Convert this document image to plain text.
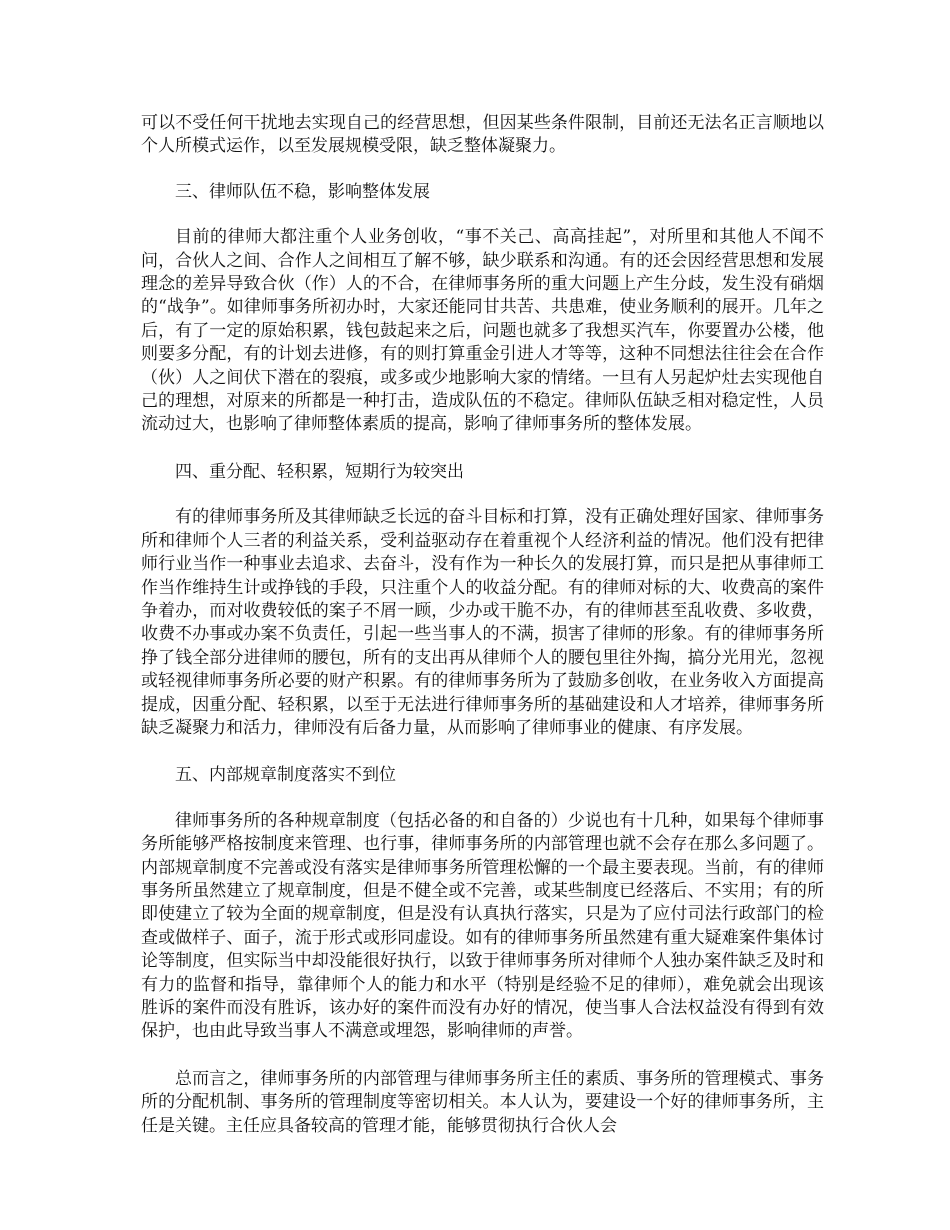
可以不受任何干扰地去实现自己的经营思想，但因某些条件限制，目前还无法名正言顺地以个人所模式运作，以至发展规模受限，缺乏整体凝聚力。

三、律师队伍不稳，影响整体发展

目前的律师大都注重个人业务创收，“事不关己、高高挂起”，对所里和其他人不闻不问，合伙人之间、合作人之间相互了解不够，缺少联系和沟通。有的还会因经营思想和发展理念的差异导致合伙（作）人的不合，在律师事务所的重大问题上产生分歧，发生没有硝烟的“战争”。如律师事务所初办时，大家还能同甘共苦、共患难，使业务顺利的展开。几年之后，有了一定的原始积累，钱包鼓起来之后，问题也就多了我想买汽车，你要置办公楼，他则要多分配，有的计划去进修，有的则打算重金引进人才等等，这种不同想法往往会在合作（伙）人之间伏下潜在的裂痕，或多或少地影响大家的情绪。一旦有人另起炉灶去实现他自己的理想，对原来的所都是一种打击，造成队伍的不稳定。律师队伍缺乏相对稳定性，人员流动过大，也影响了律师整体素质的提高，影响了律师事务所的整体发展。

四、重分配、轻积累，短期行为较突出

有的律师事务所及其律师缺乏长远的奋斗目标和打算，没有正确处理好国家、律师事务所和律师个人三者的利益关系，受利益驱动存在着重视个人经济利益的情况。他们没有把律师行业当作一种事业去追求、去奋斗，没有作为一种长久的发展打算，而只是把从事律师工作当作维持生计或挣钱的手段，只注重个人的收益分配。有的律师对标的大、收费高的案件争着办，而对收费较低的案子不屑一顾，少办或干脆不办，有的律师甚至乱收费、多收费，收费不办事或办案不负责任，引起一些当事人的不满，损害了律师的形象。有的律师事务所挣了钱全部分进律师的腰包，所有的支出再从律师个人的腰包里往外掏，搞分光用光，忽视或轻视律师事务所必要的财产积累。有的律师事务所为了鼓励多创收，在业务收入方面提高提成，因重分配、轻积累，以至于无法进行律师事务所的基础建设和人才培养，律师事务所缺乏凝聚力和活力，律师没有后备力量，从而影响了律师事业的健康、有序发展。

五、内部规章制度落实不到位

律师事务所的各种规章制度（包括必备的和自备的）少说也有十几种，如果每个律师事务所能够严格按制度来管理、也行事，律师事务所的内部管理也就不会存在那么多问题了。内部规章制度不完善或没有落实是律师事务所管理松懈的一个最主要表现。当前，有的律师事务所虽然建立了规章制度，但是不健全或不完善，或某些制度已经落后、不实用；有的所即使建立了较为全面的规章制度，但是没有认真执行落实，只是为了应付司法行政部门的检查或做样子、面子，流于形式或形同虚设。如有的律师事务所虽然建有重大疑难案件集体讨论等制度，但实际当中却没能很好执行，以致于律师事务所对律师个人独办案件缺乏及时和有力的监督和指导，靠律师个人的能力和水平（特别是经验不足的律师），难免就会出现该胜诉的案件而没有胜诉，该办好的案件而没有办好的情况，使当事人合法权益没有得到有效保护，也由此导致当事人不满意或埋怨，影响律师的声誉。

总而言之，律师事务所的内部管理与律师事务所主任的素质、事务所的管理模式、事务所的分配机制、事务所的管理制度等密切相关。本人认为，要建设一个好的律师事务所，主任是关键。主任应具备较高的管理才能，能够贯彻执行合伙人会
